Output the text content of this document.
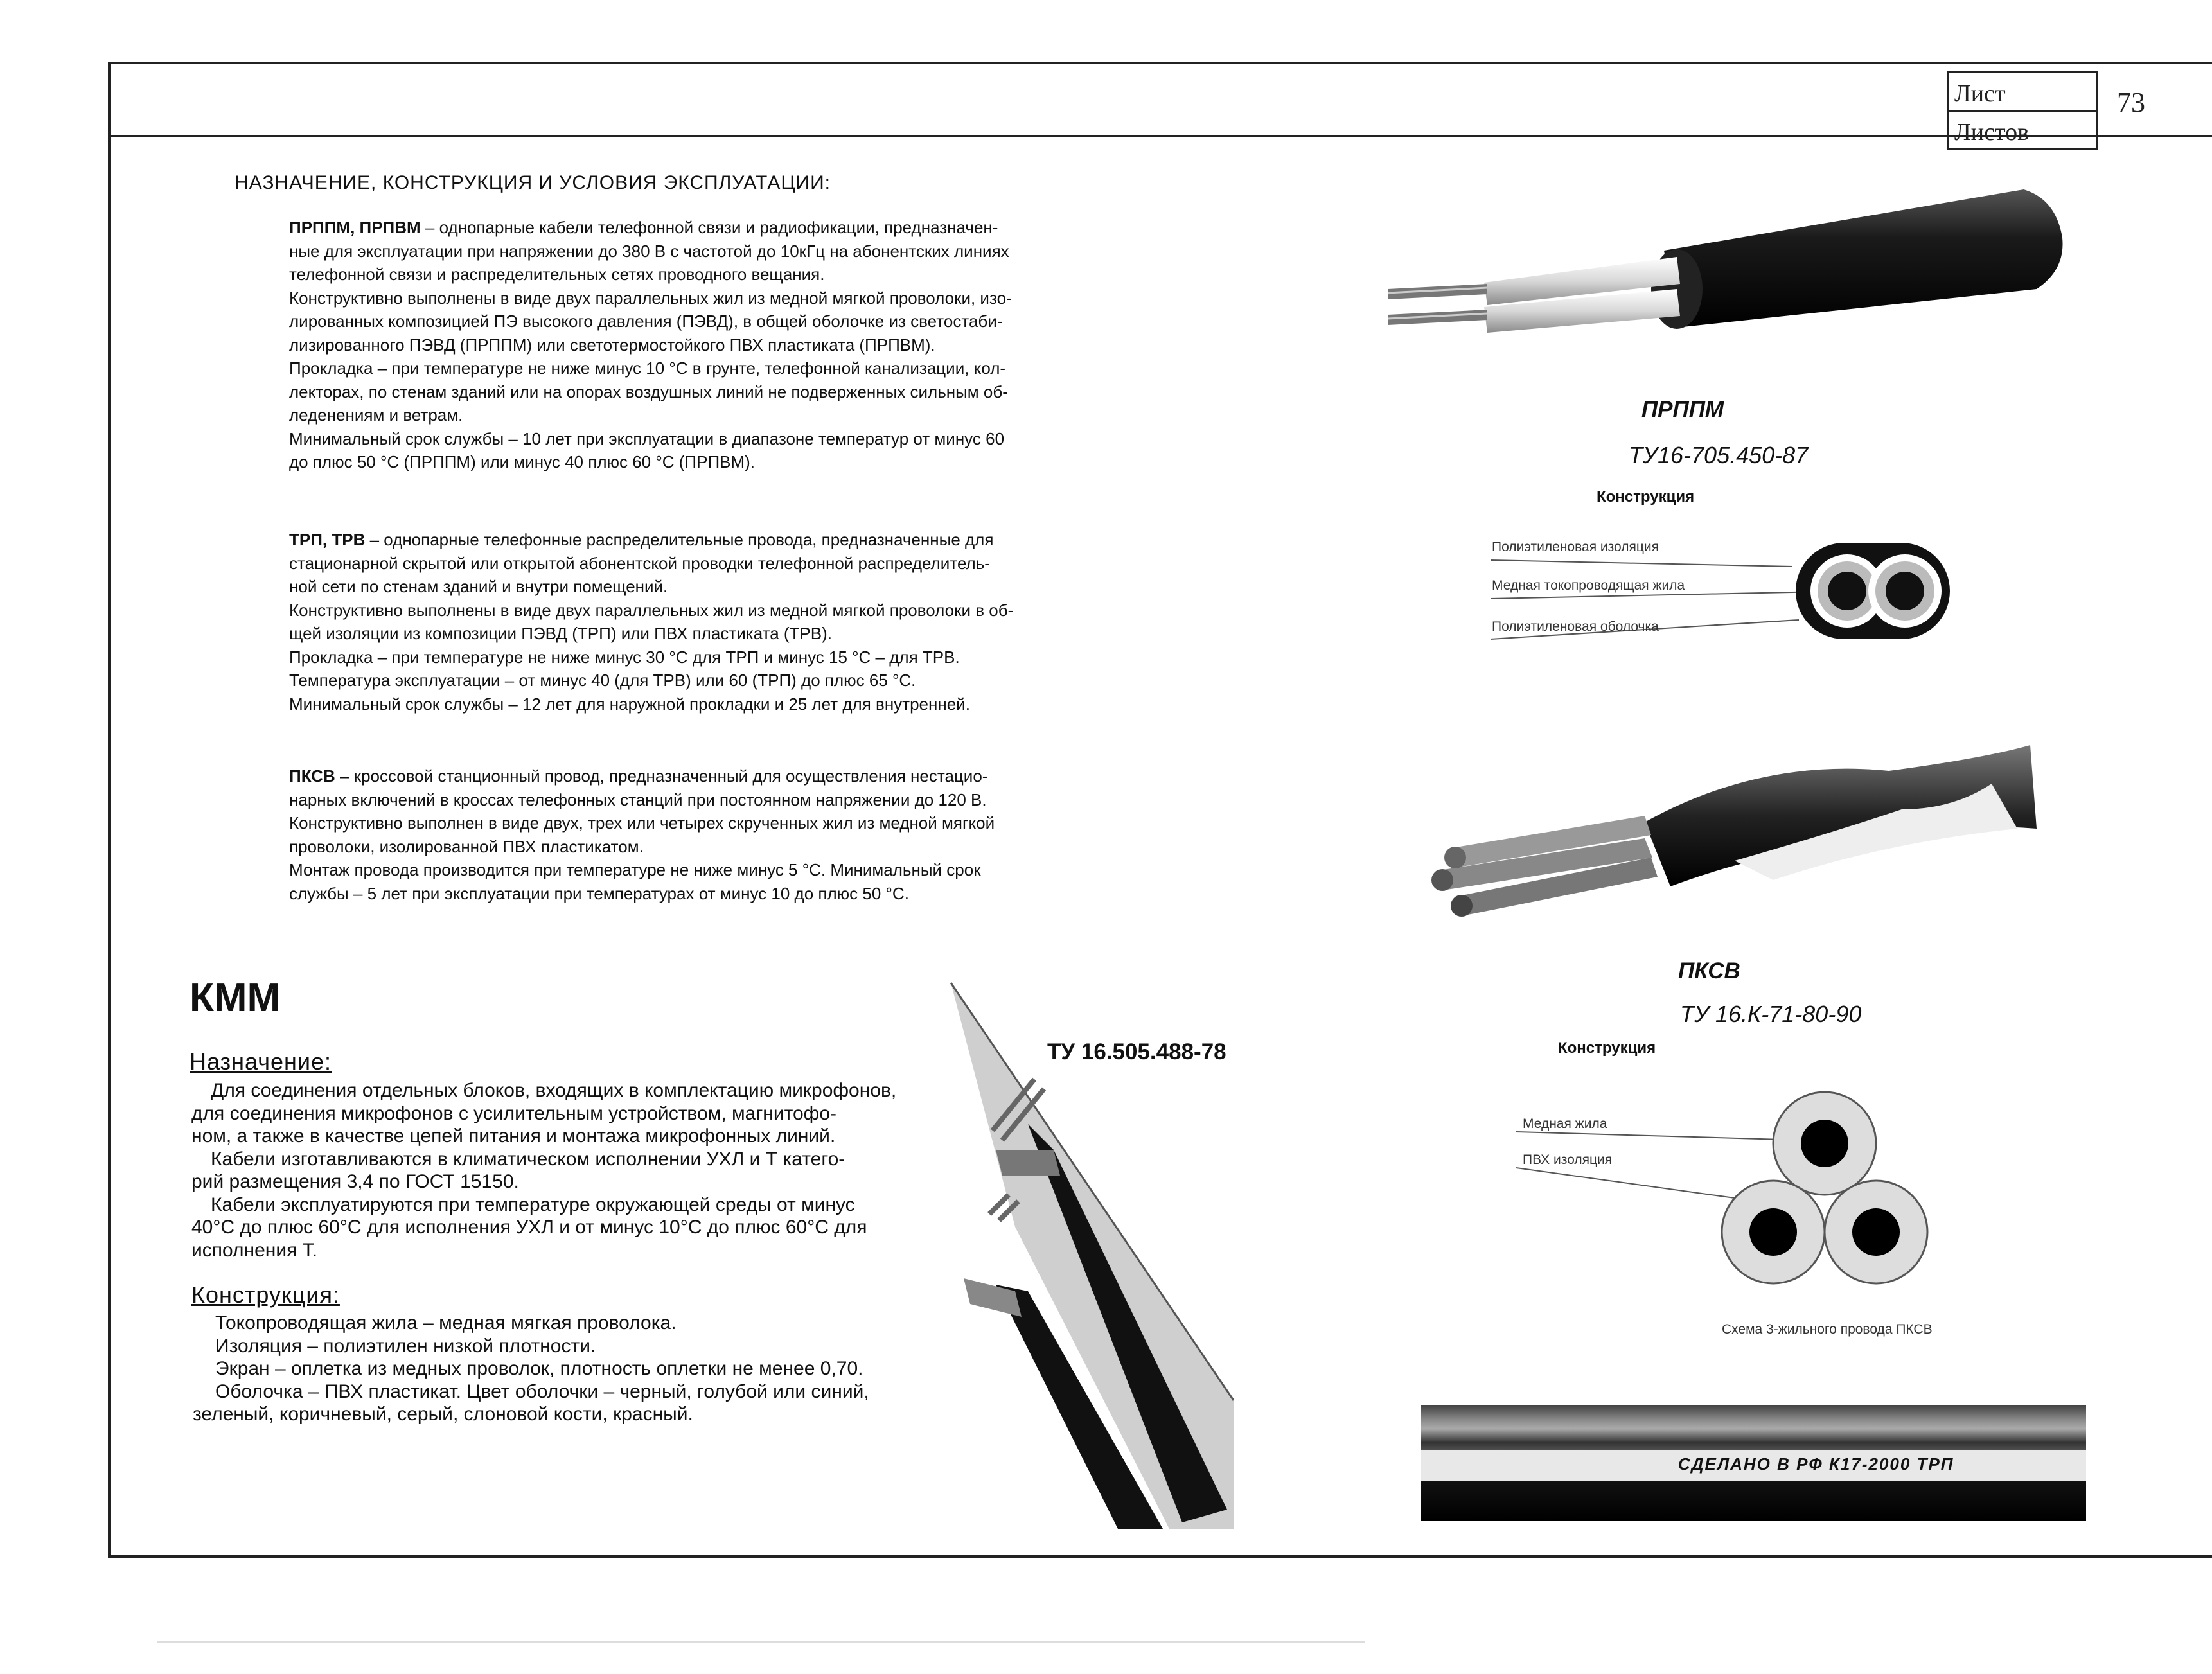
Лист
Листов
73
НАЗНАЧЕНИЕ, КОНСТРУКЦИЯ И УСЛОВИЯ ЭКСПЛУАТАЦИИ:

ПРППМ, ПРПВМ – однопарные кабели телефонной связи и радиофикации, предназначен-

ные для эксплуатации при напряжении до 380 В с частотой до 10кГц на абонентских линиях

телефонной связи и распределительных сетях проводного вещания.

Конструктивно выполнены в виде двух параллельных жил из медной мягкой проволоки, изо-

лированных композицией ПЭ высокого давления (ПЭВД), в общей оболочке из светостаби-

лизированного ПЭВД (ПРППМ) или светотермостойкого ПВХ пластиката (ПРПВМ).

Прокладка – при температуре не ниже минус 10 °С в грунте, телефонной канализации, кол-

лекторах, по стенам зданий или на опорах воздушных линий не подверженных сильным об-

леденениям и ветрам.

Минимальный срок службы – 10 лет при эксплуатации в диапазоне температур от минус 60

до плюс 50 °С (ПРППМ) или минус 40 плюс 60 °С (ПРПВМ).

ТРП, ТРВ – однопарные телефонные распределительные провода, предназначенные для

стационарной скрытой или открытой абонентской проводки телефонной распределитель-

ной сети по стенам зданий и внутри помещений.

Конструктивно выполнены в виде двух параллельных жил из медной мягкой проволоки в об-

щей изоляции из композиции ПЭВД (ТРП) или ПВХ пластиката (ТРВ).

Прокладка – при температуре не ниже минус 30 °С для ТРП и минус 15 °С – для ТРВ.

Температура эксплуатации – от минус 40 (для ТРВ) или 60 (ТРП) до плюс 65 °С.

Минимальный срок службы – 12 лет для наружной прокладки и 25 лет для внутренней.

ПКСВ – кроссовой станционный провод, предназначенный для осуществления нестацио-

нарных включений в кроссах телефонных станций при постоянном напряжении до 120 В.

Конструктивно выполнен в виде двух, трех или четырех скрученных жил из медной мягкой

проволоки, изолированной ПВХ пластикатом.

Монтаж провода производится при температуре не ниже минус 5 °С. Минимальный срок

службы – 5 лет при эксплуатации при температурах от минус 10 до плюс 50 °С.

ПРППМ
ТУ16-705.450-87
Конструкция
Полиэтиленовая изоляция
Медная токопроводящая жила
Полиэтиленовая оболочка
ПКСВ
ТУ 16.К-71-80-90
Конструкция
Медная жила
ПВХ изоляция
Схема 3-жильного провода ПКСВ
СДЕЛАНО В РФ К17-2000 ТРП
КММ
Назначение:

Для соединения отдельных блоков, входящих в комплектацию микрофонов,

для соединения микрофонов с усилительным устройством, магнитофо-

ном, а также в качестве цепей питания и монтажа микрофонных линий.

Кабели изготавливаются в климатическом исполнении УХЛ и Т катего-

рий размещения 3,4 по ГОСТ 15150.

Кабели эксплуатируются при температуре окружающей среды от минус

40°С до плюс 60°С для исполнения УХЛ и от минус 10°С до плюс 60°С для

исполнения Т.

Конструкция:

Токопроводящая жила – медная мягкая проволока.

Изоляция – полиэтилен низкой плотности.

Экран – оплетка из медных проволок, плотность оплетки не менее 0,70.

Оболочка – ПВХ пластикат. Цвет оболочки – черный, голубой или синий,

зеленый, коричневый, серый, слоновой кости, красный.

ТУ 16.505.488-78
